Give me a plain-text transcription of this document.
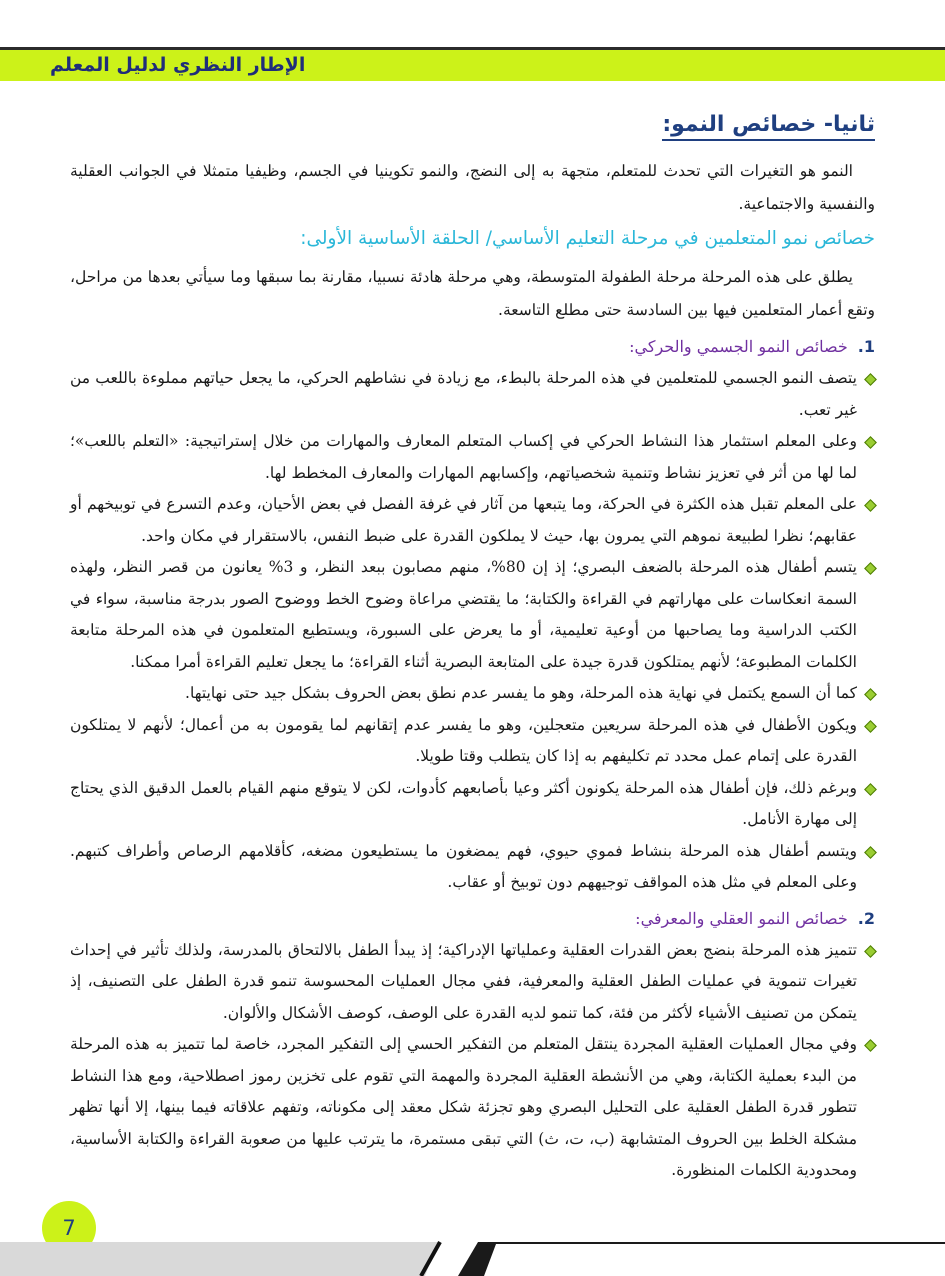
الإطار النظري لدليل المعلم
ثانيا- خصائص النمو:

النمو هو التغيرات التي تحدث للمتعلم، متجهة به إلى النضج، والنمو تكوينيا في الجسم، وظيفيا متمثلا في الجوانب العقلية والنفسية والاجتماعية.

خصائص نمو المتعلمين في مرحلة التعليم الأساسي/ الحلقة الأساسية الأولى:

يطلق على هذه المرحلة مرحلة الطفولة المتوسطة، وهي مرحلة هادئة نسبيا، مقارنة بما سبقها وما سيأتي بعدها من مراحل، وتقع أعمار المتعلمين فيها بين السادسة حتى مطلع التاسعة.

1.خصائص النمو الجسمي والحركي:
يتصف النمو الجسمي للمتعلمين في هذه المرحلة بالبطء، مع زيادة في نشاطهم الحركي، ما يجعل حياتهم مملوءة باللعب من غير تعب.
وعلى المعلم استثمار هذا النشاط الحركي في إكساب المتعلم المعارف والمهارات من خلال إستراتيجية: «التعلم باللعب»؛ لما لها من أثر في تعزيز نشاط وتنمية شخصياتهم، وإكسابهم المهارات والمعارف المخطط لها.
على المعلم تقبل هذه الكثرة في الحركة، وما يتبعها من آثار في غرفة الفصل في بعض الأحيان، وعدم التسرع في توبيخهم أو عقابهم؛ نظرا لطبيعة نموهم التي يمرون بها، حيث لا يملكون القدرة على ضبط النفس، بالاستقرار في مكان واحد.
يتسم أطفال هذه المرحلة بالضعف البصري؛ إذ إن 80%، منهم مصابون ببعد النظر، و 3% يعانون من قصر النظر، ولهذه السمة انعكاسات على مهاراتهم في القراءة والكتابة؛ ما يقتضي مراعاة وضوح الخط ووضوح الصور بدرجة مناسبة، سواء في الكتب الدراسية وما يصاحبها من أوعية تعليمية، أو ما يعرض على السبورة، ويستطيع المتعلمون في هذه المرحلة متابعة الكلمات المطبوعة؛ لأنهم يمتلكون قدرة جيدة على المتابعة البصرية أثناء القراءة؛ ما يجعل تعليم القراءة أمرا ممكنا.
كما أن السمع يكتمل في نهاية هذه المرحلة، وهو ما يفسر عدم نطق بعض الحروف بشكل جيد حتى نهايتها.
ويكون الأطفال في هذه المرحلة سريعين متعجلين، وهو ما يفسر عدم إتقانهم لما يقومون به من أعمال؛ لأنهم لا يمتلكون القدرة على إتمام عمل محدد تم تكليفهم به إذا كان يتطلب وقتا طويلا.
وبرغم ذلك، فإن أطفال هذه المرحلة يكونون أكثر وعيا بأصابعهم كأدوات، لكن لا يتوقع منهم القيام بالعمل الدقيق الذي يحتاج إلى مهارة الأنامل.
ويتسم أطفال هذه المرحلة بنشاط فموي حيوي، فهم يمضغون ما يستطيعون مضغه، كأقلامهم الرصاص وأطراف كتبهم. وعلى المعلم في مثل هذه المواقف توجيههم دون توبيخ أو عقاب.
2.خصائص النمو العقلي والمعرفي:
تتميز هذه المرحلة بنضج بعض القدرات العقلية وعملياتها الإدراكية؛ إذ يبدأ الطفل بالالتحاق بالمدرسة، ولذلك تأثير في إحداث تغيرات تنموية في عمليات الطفل العقلية والمعرفية، ففي مجال العمليات المحسوسة تنمو قدرة الطفل على التصنيف، إذ يتمكن من تصنيف الأشياء لأكثر من فئة، كما تنمو لديه القدرة على الوصف، كوصف الأشكال والألوان.
وفي مجال العمليات العقلية المجردة ينتقل المتعلم من التفكير الحسي إلى التفكير المجرد، خاصة لما تتميز به هذه المرحلة من البدء بعملية الكتابة، وهي من الأنشطة العقلية المجردة والمهمة التي تقوم على تخزين رموز اصطلاحية، ومع هذا النشاط تتطور قدرة الطفل العقلية على التحليل البصري وهو تجزئة شكل معقد إلى مكوناته، وتفهم علاقاته فيما بينها، إلا أنها تظهر مشكلة الخلط بين الحروف المتشابهة (ب، ت، ث) التي تبقى مستمرة، ما يترتب عليها من صعوبة القراءة والكتابة الأساسية، ومحدودية الكلمات المنظورة.
7
